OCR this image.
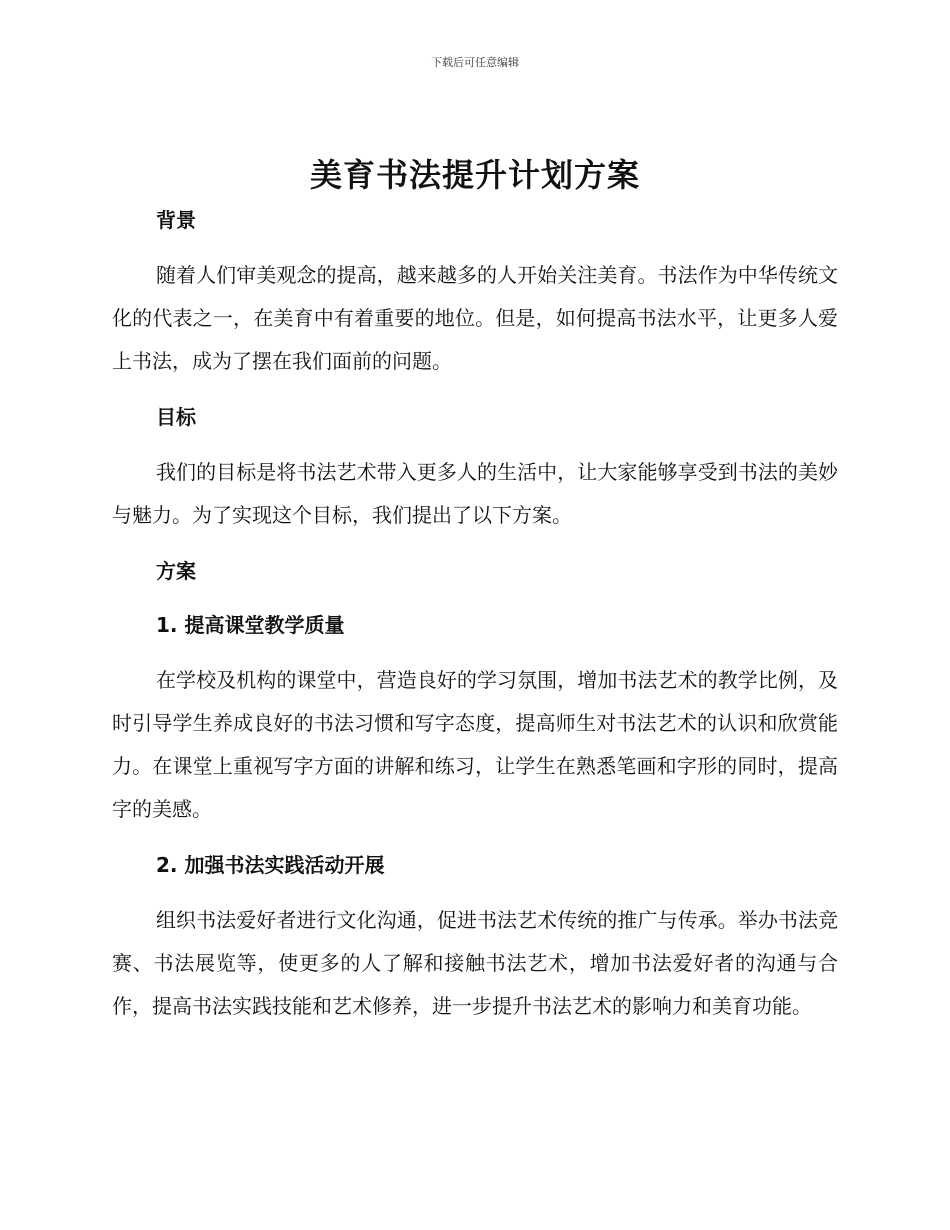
下载后可任意编辑
美育书法提升计划方案
背景

随着人们审美观念的提高，越来越多的人开始关注美育。书法作为中华传统文化的代表之一，在美育中有着重要的地位。但是，如何提高书法水平，让更多人爱上书法，成为了摆在我们面前的问题。

目标

我们的目标是将书法艺术带入更多人的生活中，让大家能够享受到书法的美妙与魅力。为了实现这个目标，我们提出了以下方案。

方案
1. 提高课堂教学质量

在学校及机构的课堂中，营造良好的学习氛围，增加书法艺术的教学比例，及时引导学生养成良好的书法习惯和写字态度，提高师生对书法艺术的认识和欣赏能力。在课堂上重视写字方面的讲解和练习，让学生在熟悉笔画和字形的同时，提高字的美感。

2. 加强书法实践活动开展

组织书法爱好者进行文化沟通，促进书法艺术传统的推广与传承。举办书法竞赛、书法展览等，使更多的人了解和接触书法艺术，增加书法爱好者的沟通与合作，提高书法实践技能和艺术修养，进一步提升书法艺术的影响力和美育功能。
